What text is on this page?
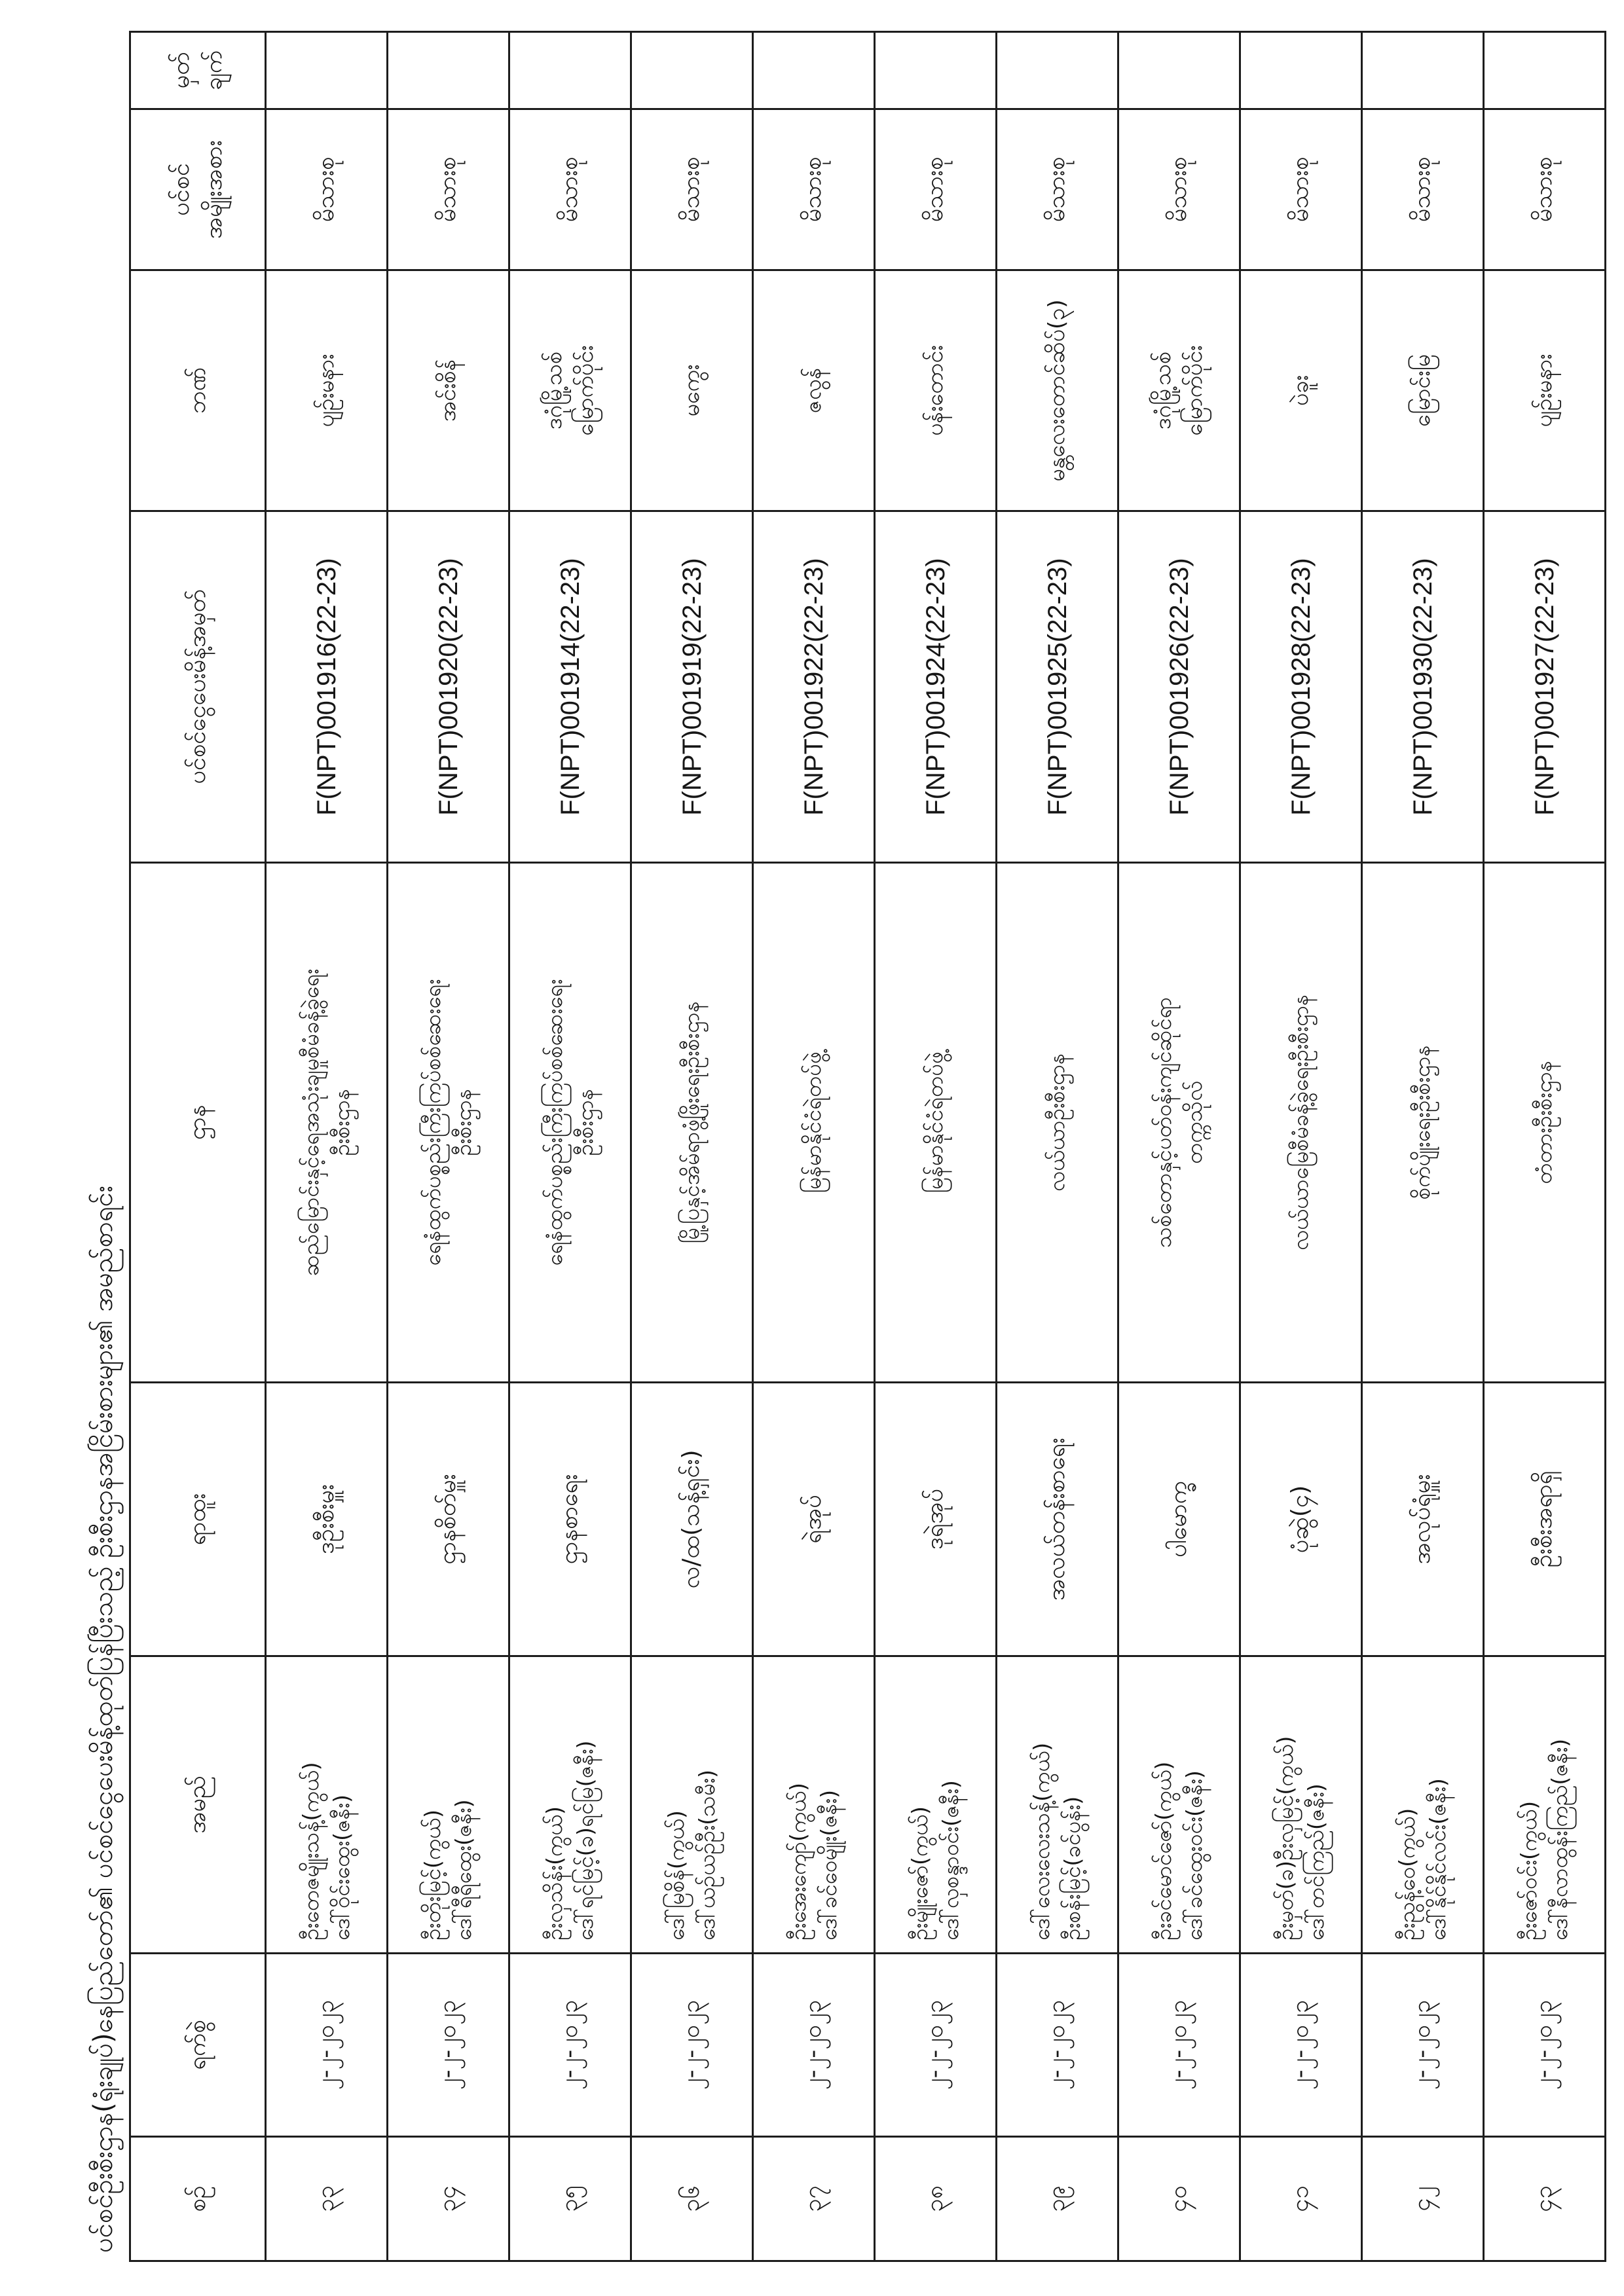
ပင်စင်ဦးစီးဌာန(ရုံးချုပ်)နေပြည်တော်၏ ပင်စင်ငွေပေးမိန့်ထုတ်ပြန်ပြီးသည့် ဦးစီးဌာနအငြိမ်းစားများ၏ အမည်စာရင်း	စဉ်	ရက်စွဲ	အမည်	ရာထူး	ဌာန	ပင်စင်ငွေပေးမိန့်အမှတ်	ဘဏ်	ပင်စင်
အမျိုးအစား	မှတ်
ချက်
၃၃	၂-၂-၂၀၂၃	ဦးတေဇမျိုးသန့်(ကွယ်)
ဒေါ်ဝိုင်းထွေး(ဇနီး)	ဒုဦးစီးမှူး	ဆည်မြောင်းနှင့်ရေအသုံးချမှုစီမံခန့်ခွဲရေး
ဦးစီးဌာန	F(NPT)001916(22-23)	ပျဉ်းမနား	မိသားစု	
၃၄	၂-၂-၂၀၂၃	ဦးတိုးမြင့်(ကွယ်)
ဒေါ်ရီရီထွေး(ဇနီး)	ဌာနစိတ်မှူး	ရေနံထွက်ပစ္စည်းကြီးကြပ်စစ်ဆေးရေး
ဦးစီးဌာန	F(NPT)001920(22-23)	အင်းစိန်	မိသားစု	
၃၅	၂-၂-၂၀၂၃	ဦးလှသိန်း(ကွယ်)
ဒေါ်ရင်မြင့်(ခ)ရင်မြ(ဇနီး)	ဌာနစာရေး	ရေနံထွက်ပစ္စည်းကြီးကြပ်စစ်ဆေးရေး
ဦးစီးဌာန	F(NPT)001914(22-23)	ဒဂုံမြို့သစ်
မြောက်ပိုင်း	မိသားစု	
၃၆	၂-၂-၂၀၂၃	ဒေါ်မြစိန်(ကွယ်)
ဒေါ်ယဉ်ယဉ်ဦး(သမီး)	လ/ထ(သန့်ရှင်း)	မြို့ပြနှင့်အိမ်ရာဖွံ့ဖြိုးရေးဦးစီးဌာန	F(NPT)001919(22-23)	မကွေး	မိသားစု	
၃၇	၂-၂-၂၀၂၃	ဦးအေးကျော်(ကွယ်)
ဒေါ်ခင်ဝေမျိုး(ဇနီး)	ရဲအုပ်	မြန်မာနိုင်ငံရဲတပ်ဖွဲ့	F(NPT)001922(22-23)	ဇလွန်	မိသားစု	
၃၈	၂-၂-၂၀၂၃	ဦးမျိုးဇော်(ကွယ်)
ဒေါ်လှစန္ဒာဝင်း(ဇနီး)	ဒုရဲအုပ်	မြန်မာနိုင်ငံရဲတပ်ဖွဲ့	F(NPT)001924(22-23)	ပန်းတောင်း	မိသားစု	
၃၉	၂-၂-၂၀၂၃	ဒေါ်လေးလေးသန့်(ကွယ်)
ဦးစန်းမြင့်(ခင်ပွန်း)	အလယ်တန်းစာရေး	လယ်ယာဦးစီးဌာန	F(NPT)001925(22-23)	မန္တလေးတောင်ဆိပ်(၃)	မိသားစု	
၄၀	၂-၂-၂၀၂၃	ဦးခင်မောင်ဇော်(ကွယ်)
ဒေါ်ခင်ထွေးဝင်း(ဇနီး)	ပါမောက္ခ	သစ်တောနှင့်ပတ်ဝန်းကျင်ဆိုင်ရာ
တက္ကသိုလ်	F(NPT)001926(22-23)	ဒဂုံမြို့သစ်
မြောက်ပိုင်း	မိသားစု	
၄၁	၂-၂-၂၀၂၃	ဦးမှတ်(ခ)ဦးလှမြင့်(ကွယ်)
ဒေါ်တင်ကြည်(ဇနီး)	ပုံဆွဲ(၄)	လယ်ယာမြေစီမံခန့်ခွဲရေးဦးစီးဌာန	F(NPT)001928(22-23)	ပဲခူး	မိသားစု	
၄၂	၂-၂-၂၀၂၃	ဦးညွန့်ဝေ(ကွယ်)
ဒေါ်နိုင်နိုင်လင်း(ဇနီး)	အလုပ်ရုံမှူး	စိုက်ပျိုးရေးဦးစီးဌာန	F(NPT)001930(22-23)	မြောင်းမြ	မိသားစု	
၄၃	၂-၂-၂၀၂၃	ဦးဇော်ဝင်း(ကွယ်)
ဒေါ်နီလာထွန်းကြည်(ဇနီး)	ဦးစီးအရာရှိ	တံတားဦးစီးဌာန	F(NPT)001927(22-23)	ပျဉ်းမနား	မိသားစု	
